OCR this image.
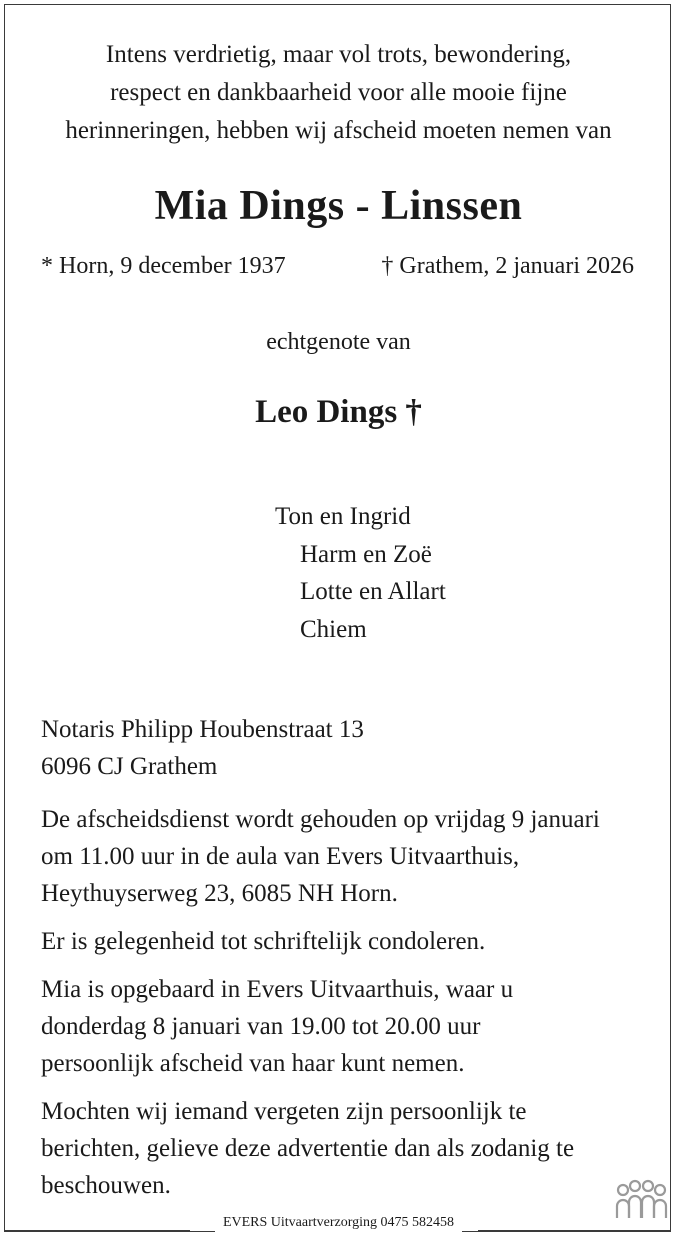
Intens verdrietig, maar vol trots, bewondering,
respect en dankbaarheid voor alle mooie fijne
herinneringen, hebben wij afscheid moeten nemen van
Mia Dings - Linssen
* Horn, 9 december 1937	† Grathem, 2 januari 2026
echtgenote van
Leo Dings †
Ton en Ingrid
Harm en Zoë
Lotte en Allart
Chiem
Notaris Philipp Houbenstraat 13
6096 CJ Grathem

De afscheidsdienst wordt gehouden op vrijdag 9 januari
om 11.00 uur in de aula van Evers Uitvaarthuis,
Heythuyserweg 23, 6085 NH Horn.

Er is gelegenheid tot schriftelijk condoleren.

Mia is opgebaard in Evers Uitvaarthuis, waar u
donderdag 8 januari van 19.00 tot 20.00 uur
persoonlijk afscheid van haar kunt nemen.

Mochten wij iemand vergeten zijn persoonlijk te
berichten, gelieve deze advertentie dan als zodanig te
beschouwen.

EVERS Uitvaartverzorging 0475 582458
